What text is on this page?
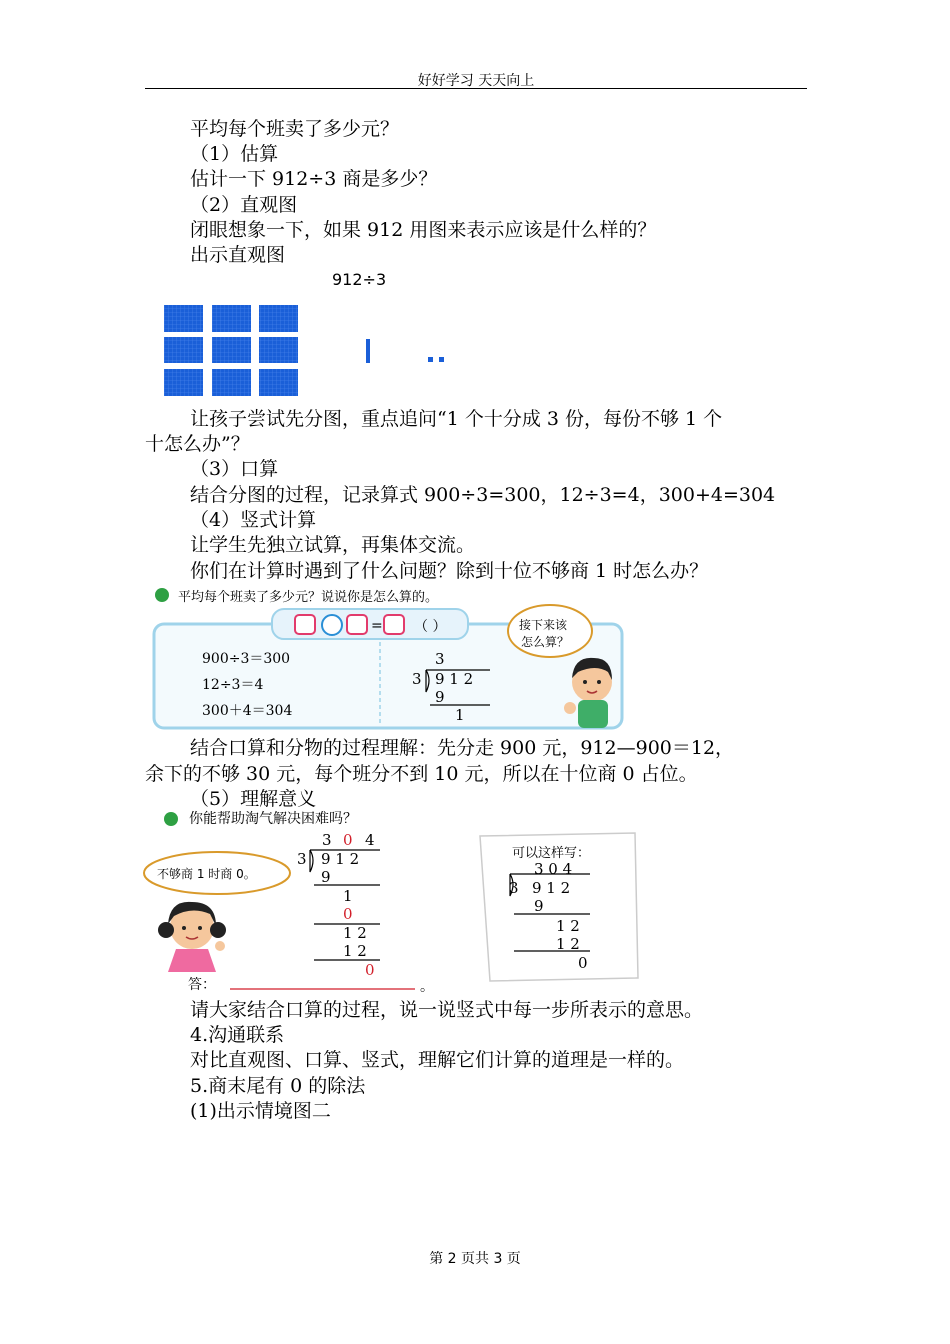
好好学习 天天向上
平均每个班卖了多少元？
（1）估算
估计一下 912÷3 商是多少？
（2）直观图
闭眼想象一下，如果 912 用图来表示应该是什么样的？
出示直观图
912÷3
让孩子尝试先分图，重点追问“1 个十分成 3 份，每份不够 1 个
十怎么办”？
（3）口算
结合分图的过程，记录算式 900÷3=300，12÷3=4，300+4=304
（4）竖式计算
让学生先独立试算，再集体交流。
你们在计算时遇到了什么问题？除到十位不够商 1 时怎么办？
=
平均每个班卖了多少元？说说你是怎么算的。
（ ）	接下来该
怎么算？
900÷3＝300
12÷3＝4
300＋4＝304
3
3 9 1 2
9
1
结合口算和分物的过程理解：先分走 900 元，912—900＝12，
余下的不够 30 元，每个班分不到 10 元，所以在十位商 0 占位。
（5）理解意义
你能帮助淘气解决困难吗？
不够商 1 时商 0。
3 0 4
3 9 1 2
9
1
0
1 2
1 2
0
答：	。
可以这样写：
3 0 4
3 9 1 2
9
1 2
1 2
0
请大家结合口算的过程，说一说竖式中每一步所表示的意思。
4.沟通联系
对比直观图、口算、竖式，理解它们计算的道理是一样的。
5.商末尾有 0 的除法
(1)出示情境图二
第 2 页共 3 页
